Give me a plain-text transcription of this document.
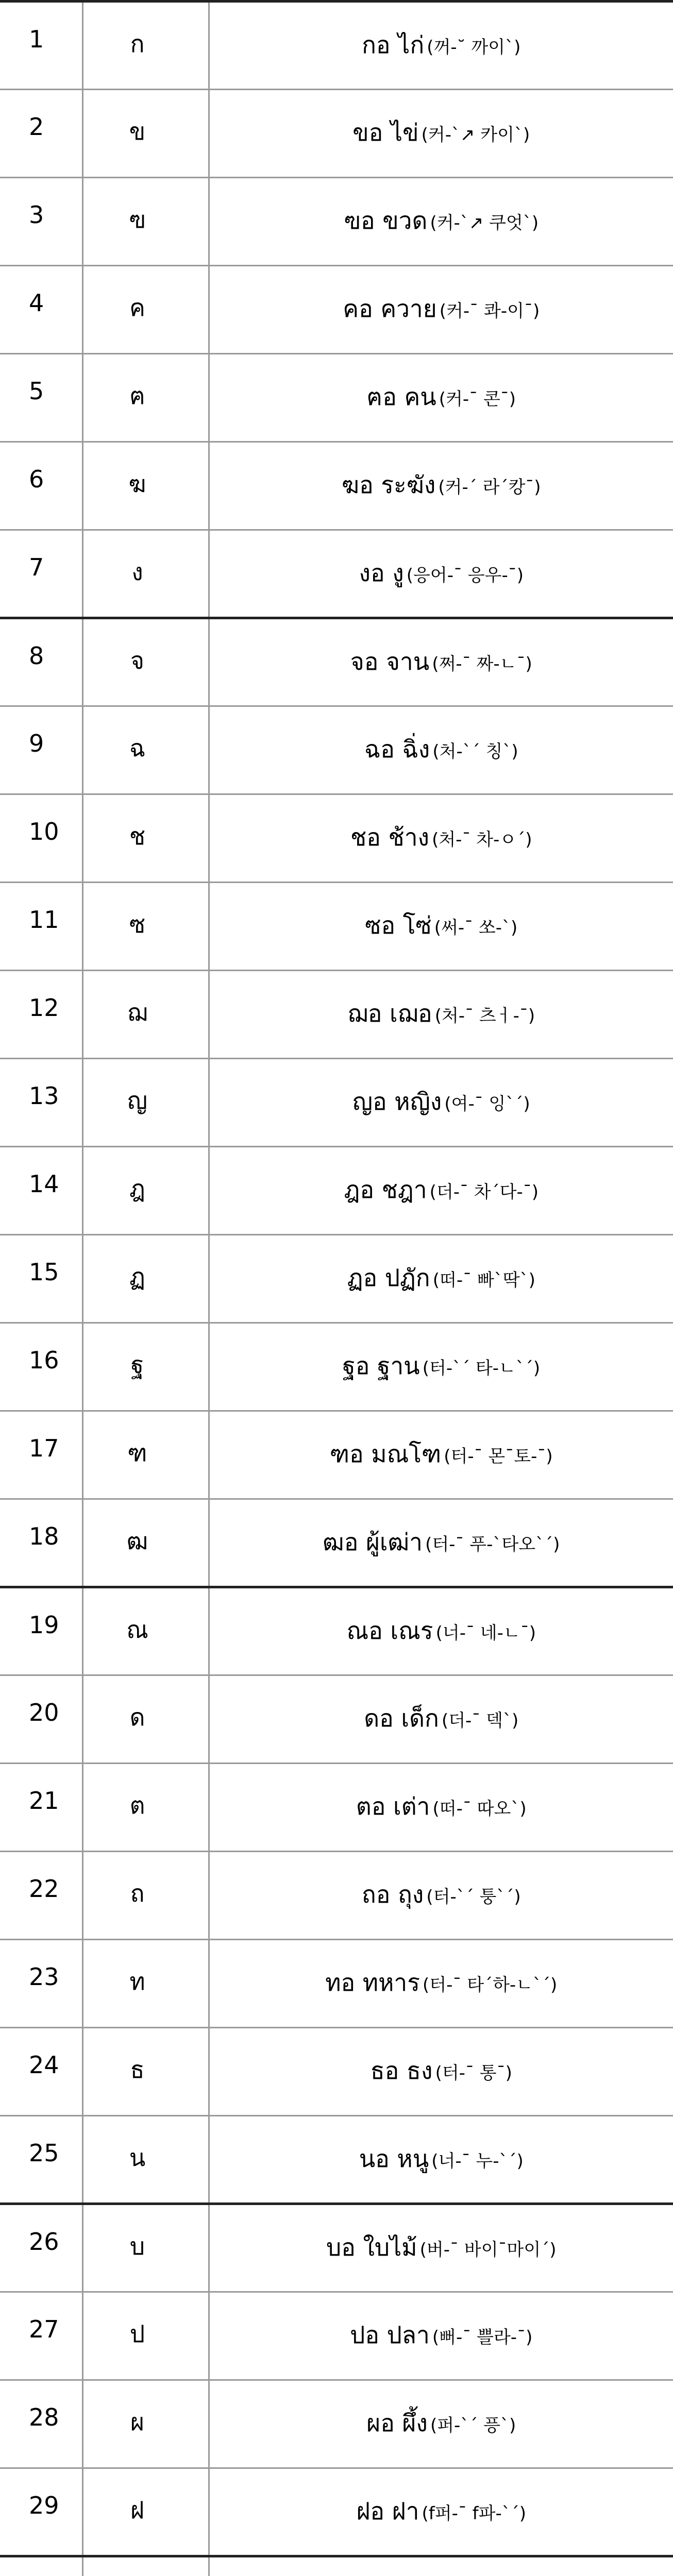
1	ก	กอ ไก่ (꺼-˘ 까이`)
2	ข	ขอ ไข่ (커-`↗ 카이`)
3	ฃ	ฃอ ขวด (커-`↗ 쿠엇`)
4	ค	คอ ควาย (커-¯ 콰-이¯)
5	ฅ	ฅอ คน (커-¯ 콘¯)
6	ฆ	ฆอ ระฆัง (커-´ 라´캉¯)
7	ง	งอ งู (응어-¯ 응우-¯)
8	จ	จอ จาน (쩌-¯ 짜-ㄴ¯)
9	ฉ	ฉอ ฉิ่ง (처-`´ 칭`)
10	ช	ชอ ช้าง (처-¯ 차-ㅇ´)
11	ซ	ซอ โซ่ (써-¯ 쏘-`)
12	ฌ	ฌอ เฌอ (처-¯ 츠ㅓ-¯)
13	ญ	ญอ หญิง (여-¯ 잉`´)
14	ฎ	ฎอ ชฎา (더-¯ 차´다-¯)
15	ฏ	ฏอ ปฏัก (떠-¯ 빠`딱`)
16	ฐ	ฐอ ฐาน (터-`´ 타-ㄴ`´)
17	ฑ	ฑอ มณโฑ (터-¯ 몬¯토-¯)
18	ฒ	ฒอ ผู้เฒ่า (터-¯ 푸-`타오`´)
19	ณ	ณอ เณร (너-¯ 네-ㄴ¯)
20	ด	ดอ เด็ก (더-¯ 덱`)
21	ต	ตอ เต่า (떠-¯ 따오`)
22	ถ	ถอ ถุง (터-`´ 퉁`´)
23	ท	ทอ ทหาร (터-¯ 타´하-ㄴ`´)
24	ธ	ธอ ธง (터-¯ 통¯)
25	น	นอ หนู (너-¯ 누-`´)
26	บ	บอ ใบไม้ (버-¯ 바이¯마이´)
27	ป	ปอ ปลา (뻐-¯ 쁠라-¯)
28	ผ	ผอ ผึ้ง (퍼-`´ 픙`)
29	ฝ	ฝอ ฝา (f퍼-¯ f파-`´)
